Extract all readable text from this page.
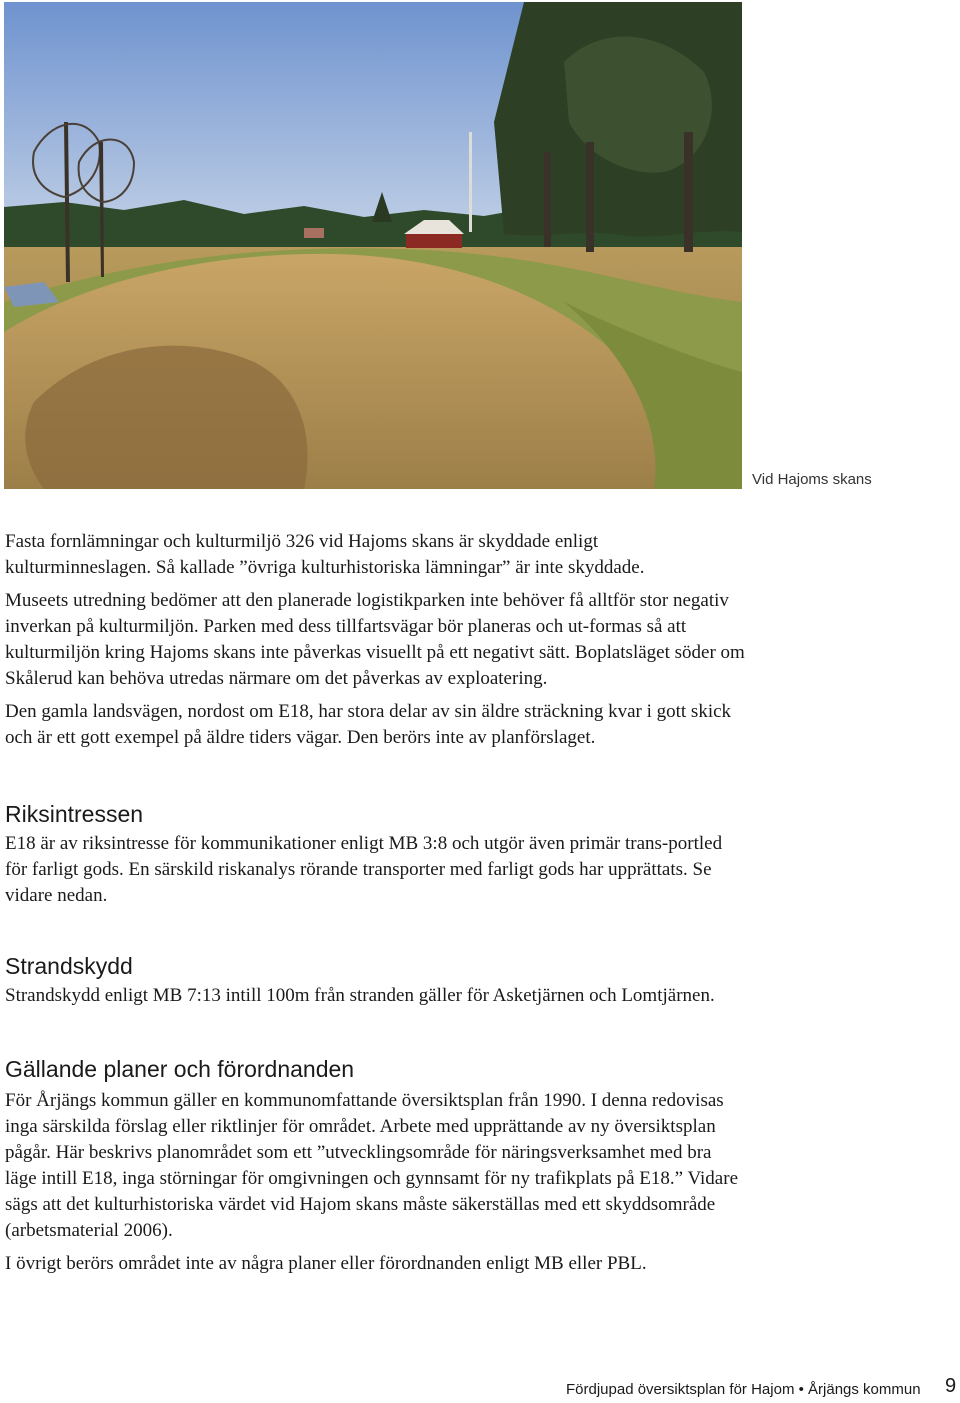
Vid Hajoms skans

Fasta fornlämningar och kulturmiljö 326 vid Hajoms skans är skyddade enligt kulturminneslagen. Så kallade ”övriga kulturhistoriska lämningar” är inte skyddade.

Museets utredning bedömer att den planerade logistikparken inte behöver få alltför stor negativ inverkan på kulturmiljön. Parken med dess tillfartsvägar bör planeras och ut-formas så att kulturmiljön kring Hajoms skans inte påverkas visuellt på ett negativt sätt. Boplatsläget söder om Skålerud kan behöva utredas närmare om det påverkas av exploatering.

Den gamla landsvägen, nordost om E18, har stora delar av sin äldre sträckning kvar i gott skick och är ett gott exempel på äldre tiders vägar. Den berörs inte av planförslaget.

Riksintressen

E18 är av riksintresse för kommunikationer enligt MB 3:8 och utgör även primär trans-portled för farligt gods. En särskild riskanalys rörande transporter med farligt gods har upprättats. Se vidare nedan.

Strandskydd

Strandskydd enligt MB 7:13 intill 100m från stranden gäller för Asketjärnen och Lomtjärnen.

Gällande planer och förordnanden

För Årjängs kommun gäller en kommunomfattande översiktsplan från 1990. I denna redovisas inga särskilda förslag eller riktlinjer för området. Arbete med upprättande av ny översiktsplan pågår. Här beskrivs planområdet som ett ”utvecklingsområde för näringsverksamhet med bra läge intill E18, inga störningar för omgivningen och gynnsamt för ny trafikplats på E18.” Vidare sägs att det kulturhistoriska värdet vid Hajom skans måste säkerställas med ett skyddsområde (arbetsmaterial 2006).

I övrigt berörs området inte av några planer eller förordnanden enligt MB eller PBL.

Fördjupad översiktsplan för Hajom • Årjängs kommun 9
